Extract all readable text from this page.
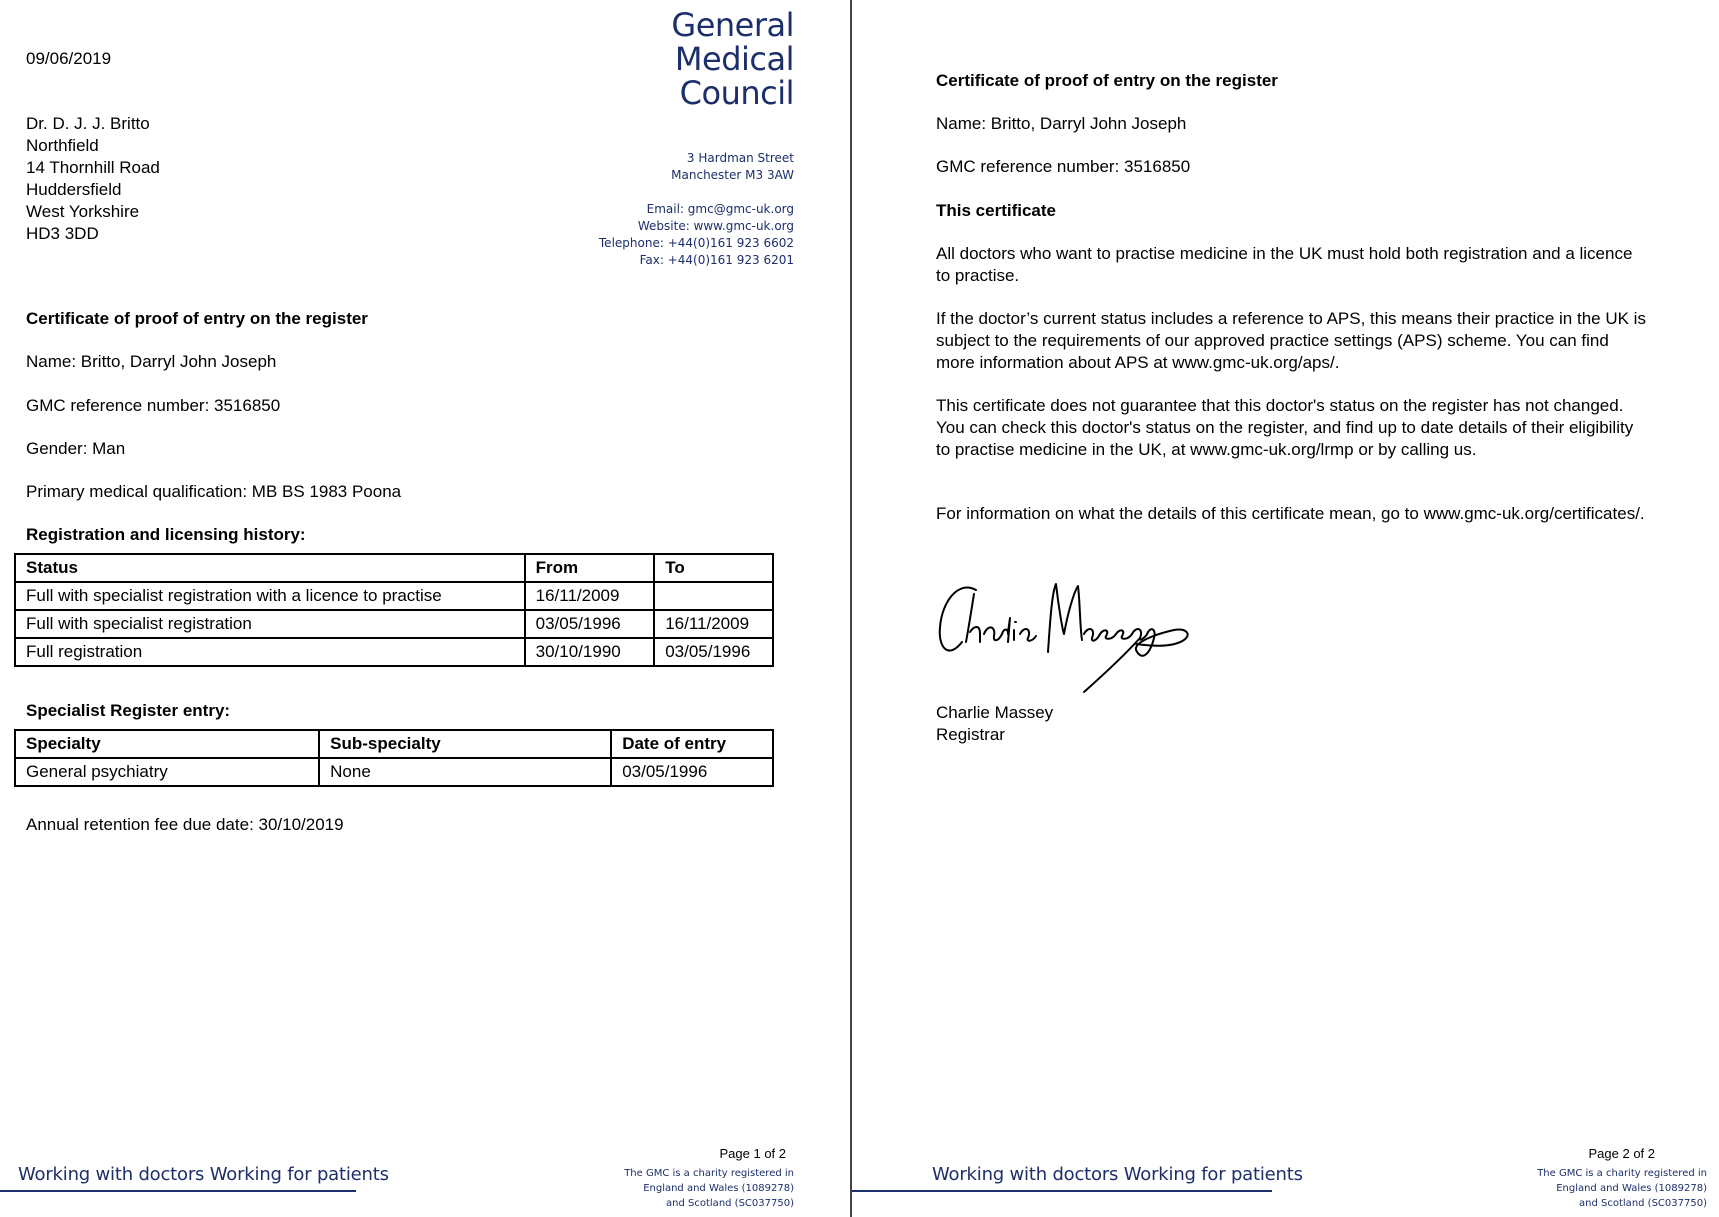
09/06/2019
Dr. D. J. J. Britto
Northfield
14 Thornhill Road
Huddersfield
West Yorkshire
HD3 3DD
General
Medical
Council
3 Hardman Street
Manchester M3 3AW
Email: gmc@gmc-uk.org
Website: www.gmc-uk.org
Telephone: +44(0)161 923 6602
Fax: +44(0)161 923 6201
Certificate of proof of entry on the register
Name: Britto, Darryl John Joseph
GMC reference number: 3516850
Gender: Man
Primary medical qualification: MB BS 1983 Poona
Registration and licensing history:
Status	From	To
Full with specialist registration with a licence to practise	16/11/2009	
Full with specialist registration	03/05/1996	16/11/2009
Full registration	30/10/1990	03/05/1996
Specialist Register entry:
Specialty	Sub-specialty	Date of entry
General psychiatry	None	03/05/1996
Annual retention fee due date: 30/10/2019
Page 1 of 2
Working with doctors Working for patients	The GMC is a charity registered in
England and Wales (1089278)
and Scotland (SC037750)
Certificate of proof of entry on the register
Name: Britto, Darryl John Joseph
GMC reference number: 3516850
This certificate
All doctors who want to practise medicine in the UK must hold both registration and a licence to practise.
If the doctor’s current status includes a reference to APS, this means their practice in the UK is subject to the requirements of our approved practice settings (APS) scheme. You can find more information about APS at www.gmc-uk.org/aps/.
This certificate does not guarantee that this doctor's status on the register has not changed. You can check this doctor's status on the register, and find up to date details of their eligibility to practise medicine in the UK, at www.gmc-uk.org/lrmp or by calling us.
For information on what the details of this certificate mean, go to www.gmc-uk.org/certificates/.
Charlie Massey
Registrar
Page 2 of 2
Working with doctors Working for patients	The GMC is a charity registered in
England and Wales (1089278)
and Scotland (SC037750)
